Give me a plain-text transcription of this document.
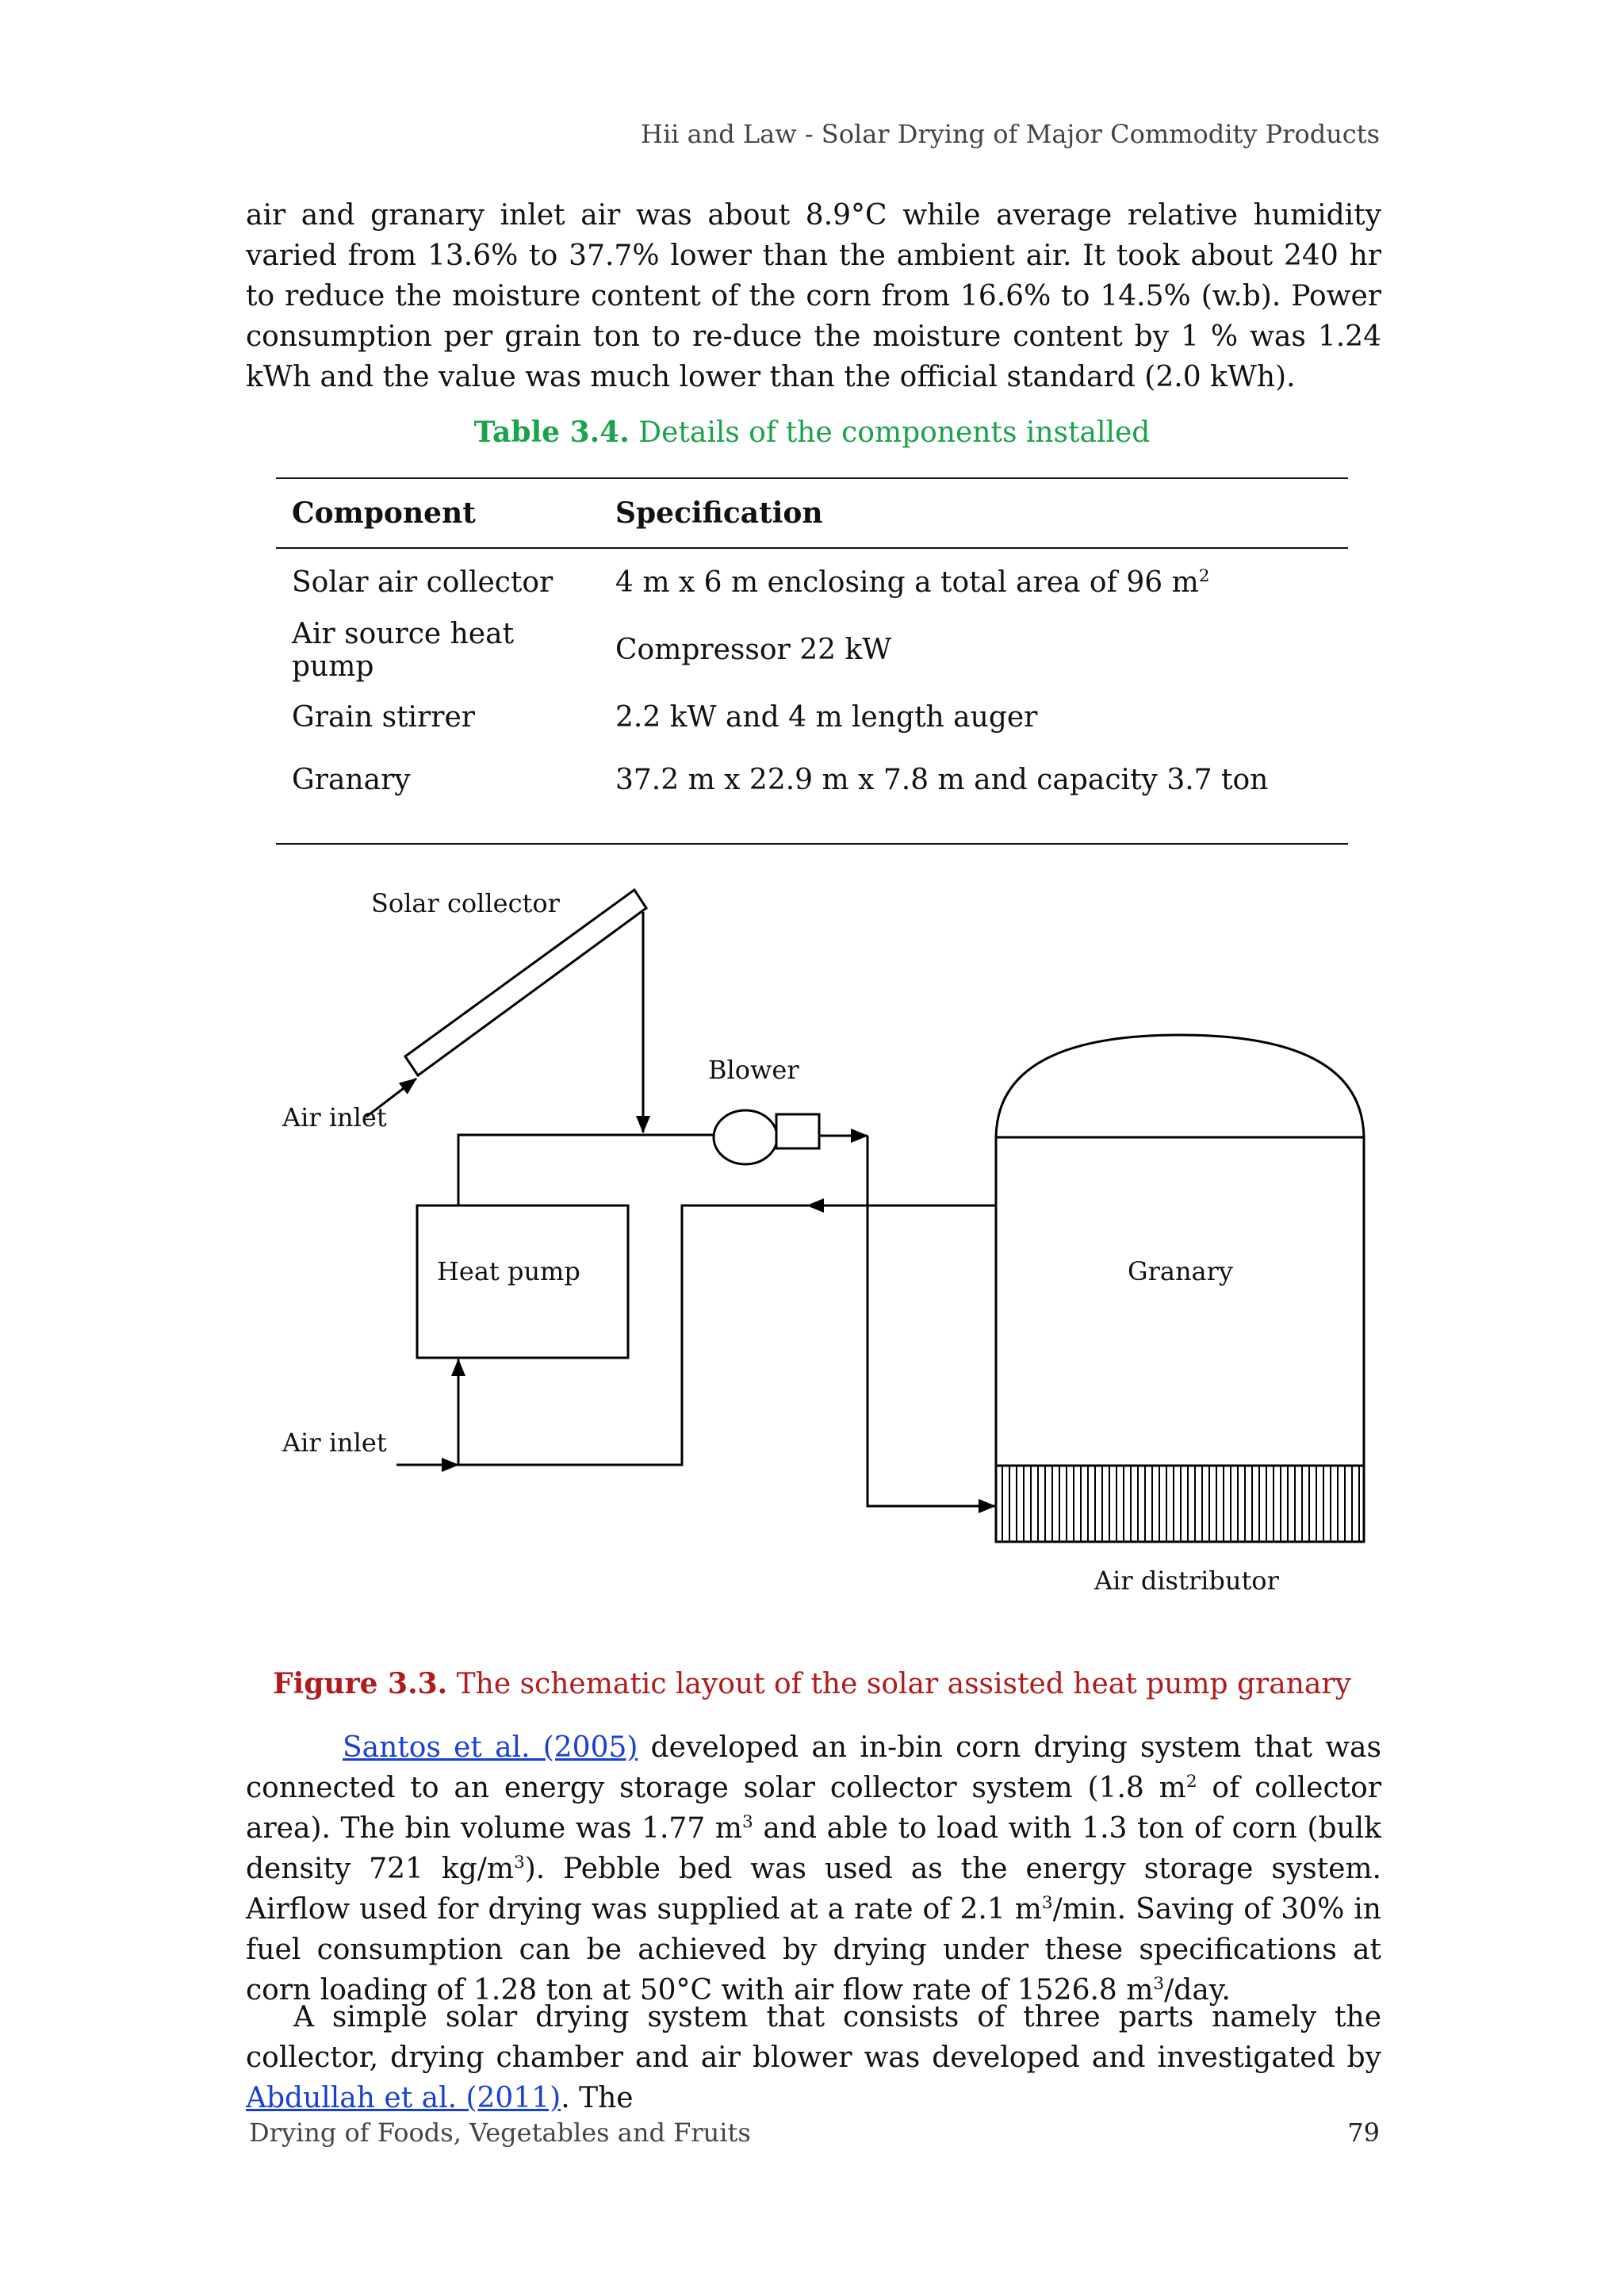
Hii and Law - Solar Drying of Major Commodity Products

air and granary inlet air was about 8.9°C while average relative humidity varied from 13.6% to 37.7% lower than the ambient air. It took about 240 hr to reduce the moisture content of the corn from 16.6% to 14.5% (w.b). Power consumption per grain ton to re-duce the moisture content by 1 % was 1.24 kWh and the value was much lower than the official standard (2.0 kWh).

Table 3.4. Details of the components installed
Component	Specification
Solar air collector	4 m x 6 m enclosing a total area of 96 $m^2$
Air source heat pump	Compressor 22 kW
Grain stirrer	2.2 kW and 4 m length auger
Granary	37.2 m x 22.9 m x 7.8 m and capacity 3.7 ton
Solar collector
Blower
Air inlet
Heat pump	Granary
Air inlet
Air distributor
Figure 3.3. The schematic layout of the solar assisted heat pump granary

Santos et al. (2005) developed an in-bin corn drying system that was connected to an energy storage solar collector system (1.8 $m^2$ of collector area). The bin volume was 1.77 $m^3$ and able to load with 1.3 ton of corn (bulk density 721 $kg/m^3$). Pebble bed was used as the energy storage system. Airflow used for drying was supplied at a rate of 2.1 $m^3/\min$. Saving of 30% in fuel consumption can be achieved by drying under these specifications at corn loading of 1.28 ton at 50°C with air flow rate of 1526.8 $m^3$/day.

A simple solar drying system that consists of three parts namely the collector, drying chamber and air blower was developed and investigated by Abdullah et al. (2011). The

Drying of Foods, Vegetables and Fruits	79
